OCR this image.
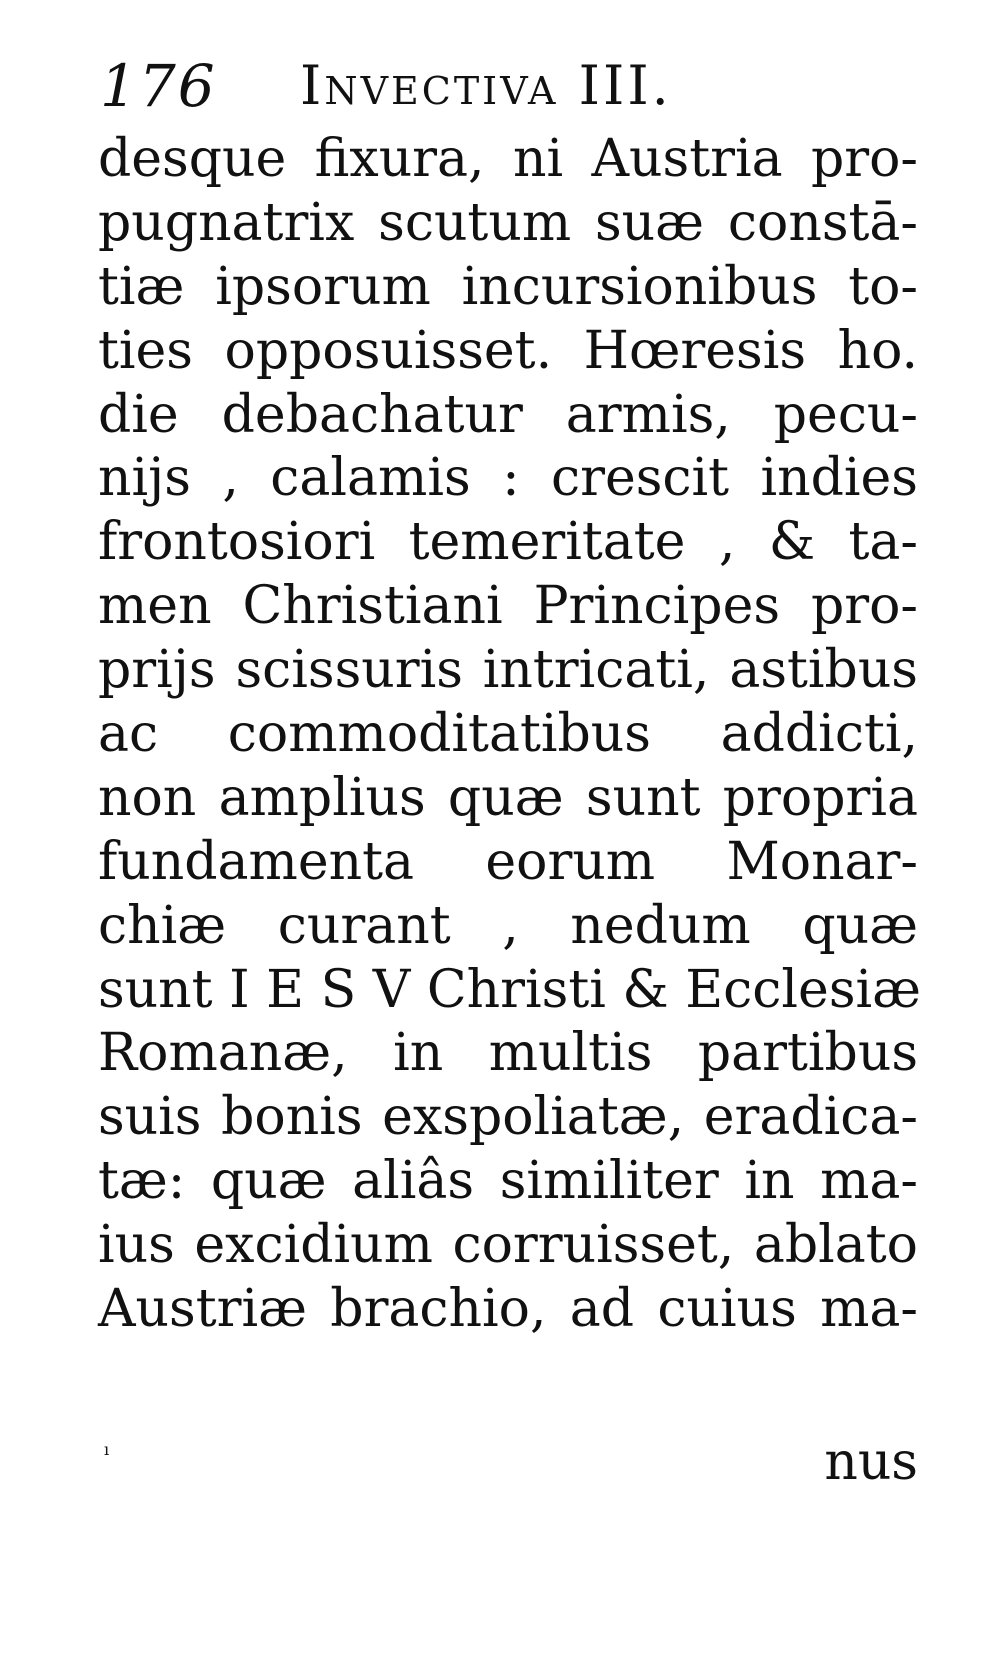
176 Invectiva III.
desque fixura, ni Austria pro-
pugnatrix scutum suæ constā-
tiæ ipsorum incursionibus to-
ties opposuisset. Hœresis ho.
die debachatur armis, pecu-
nijs , calamis : crescit indies
frontosiori temeritate , & ta-
men Christiani Principes pro-
prijs scissuris intricati, astibus
ac commoditatibus addicti,
non amplius quæ sunt propria
fundamenta eorum Monar-
chiæ curant , nedum quæ
sunt I E S V Christi & Ecclesiæ
Romanæ, in multis partibus
suis bonis exspoliatæ, eradica-
tæ: quæ aliâs similiter in ma-
ius excidium corruisset, ablato
Austriæ brachio, ad cuius ma-
ı	nus
